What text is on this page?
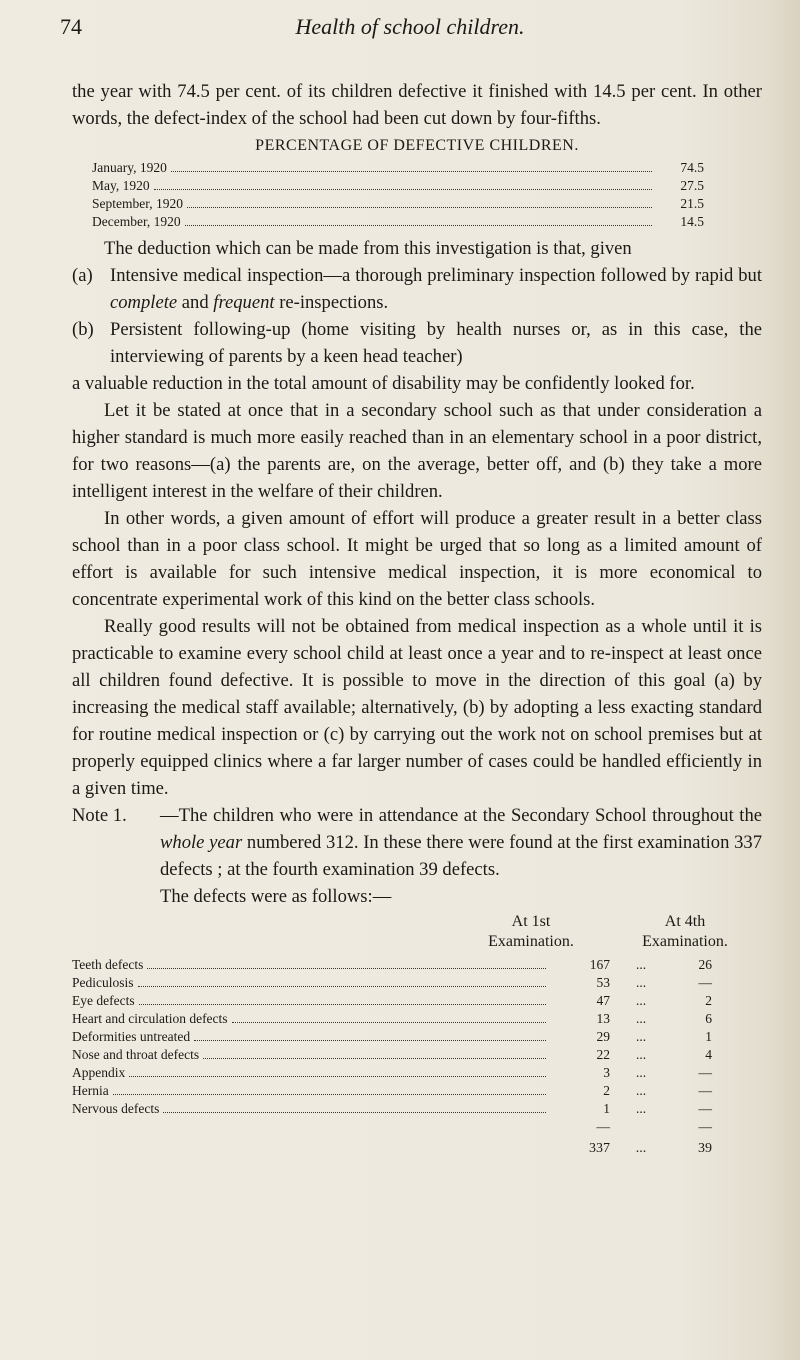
74	Health of school children.

the year with 74.5 per cent. of its children defective it finished with 14.5 per cent. In other words, the defect-index of the school had been cut down by four-fifths.

PERCENTAGE OF DEFECTIVE CHILDREN.
January, 1920	74.5
May, 1920	27.5
September, 1920	21.5
December, 1920	14.5

The deduction which can be made from this investigation is that, given

(a) Intensive medical inspection—a thorough preliminary inspection followed by rapid but complete and frequent re-inspections.
(b) Persistent following-up (home visiting by health nurses or, as in this case, the interviewing of parents by a keen head teacher)

a valuable reduction in the total amount of disability may be confidently looked for.

Let it be stated at once that in a secondary school such as that under consideration a higher standard is much more easily reached than in an elementary school in a poor district, for two reasons—(a) the parents are, on the average, better off, and (b) they take a more intelligent interest in the welfare of their children.

In other words, a given amount of effort will produce a greater result in a better class school than in a poor class school. It might be urged that so long as a limited amount of effort is available for such intensive medical inspection, it is more economical to concentrate experimental work of this kind on the better class schools.

Really good results will not be obtained from medical inspection as a whole until it is practicable to examine every school child at least once a year and to re-inspect at least once all children found defective. It is possible to move in the direction of this goal (a) by increasing the medical staff available; alternatively, (b) by adopting a less exacting standard for routine medical inspection or (c) by carrying out the work not on school premises but at properly equipped clinics where a far larger number of cases could be handled efficiently in a given time.

Note 1.	—The children who were in attendance at the Secondary School throughout the whole year numbered 312. In these there were found at the first examination 337 defects ; at the fourth examination 39 defects.
The defects were as follows:—
At 1st	At 4th
Examination.	Examination.
Teeth defects	167	...	26
Pediculosis	53	...	—
Eye defects	47	...	2
Heart and circulation defects	13	...	6
Deformities untreated	29	...	1
Nose and throat defects	22	...	4
Appendix	3	...	—
Hernia	2	...	—
Nervous defects	1	...	—
—	—
337	...	39
